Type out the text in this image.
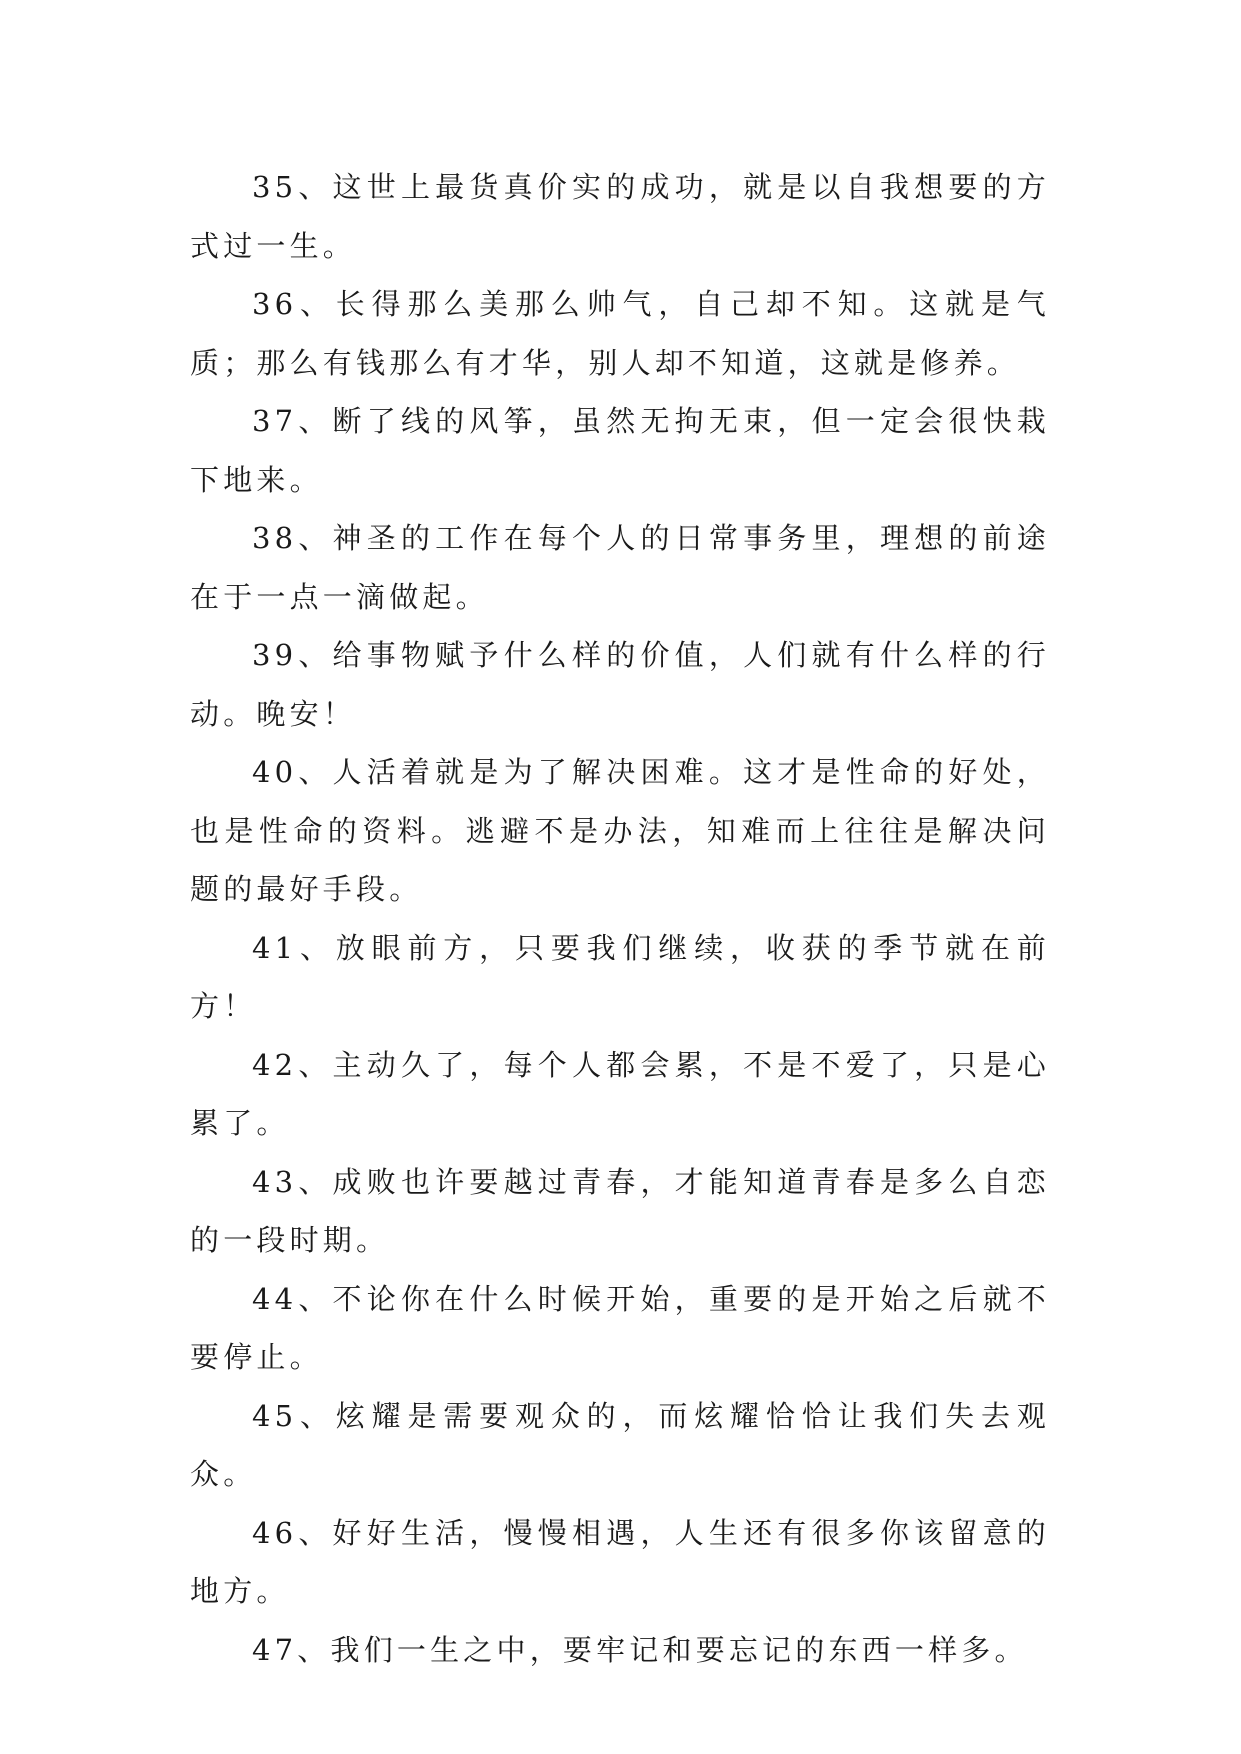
35、这世上最货真价实的成功，就是以自我想要的方式过一生。

36、长得那么美那么帅气，自己却不知。这就是气质；那么有钱那么有才华，别人却不知道，这就是修养。

37、断了线的风筝，虽然无拘无束，但一定会很快栽下地来。

38、神圣的工作在每个人的日常事务里，理想的前途在于一点一滴做起。

39、给事物赋予什么样的价值，人们就有什么样的行动。晚安！

40、人活着就是为了解决困难。这才是性命的好处，也是性命的资料。逃避不是办法，知难而上往往是解决问题的最好手段。

41、放眼前方，只要我们继续，收获的季节就在前方！

42、主动久了，每个人都会累，不是不爱了，只是心累了。

43、成败也许要越过青春，才能知道青春是多么自恋的一段时期。

44、不论你在什么时候开始，重要的是开始之后就不要停止。

45、炫耀是需要观众的，而炫耀恰恰让我们失去观众。

46、好好生活，慢慢相遇，人生还有很多你该留意的地方。

47、我们一生之中，要牢记和要忘记的东西一样多。
